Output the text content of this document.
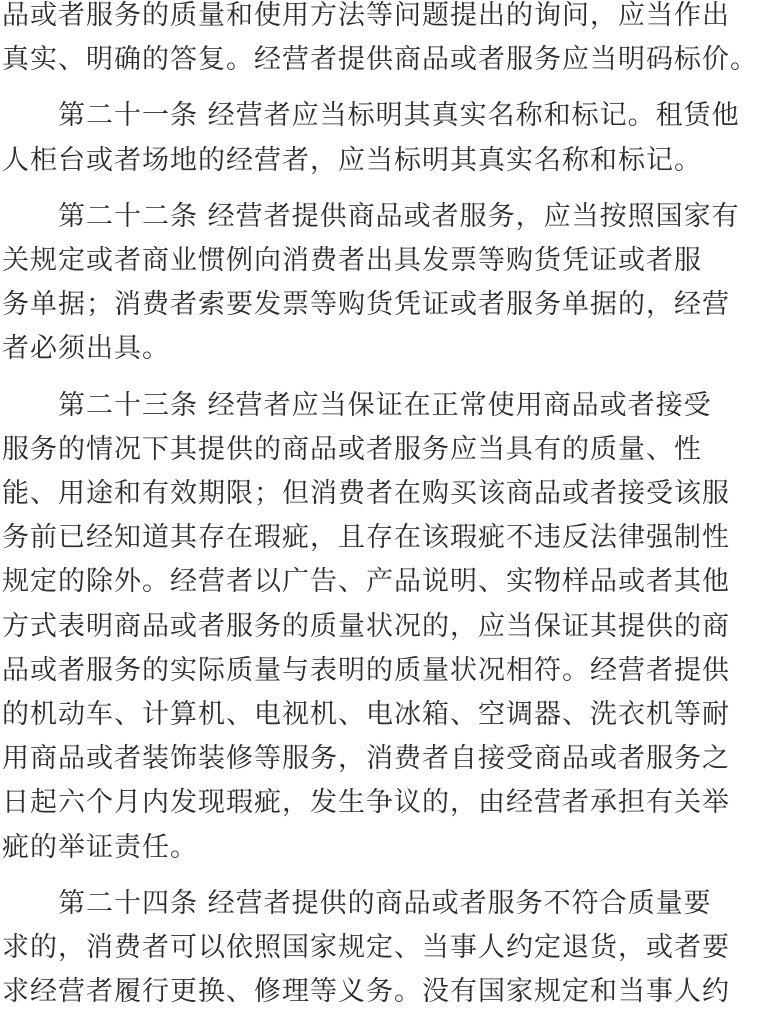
品或者服务的质量和使用方法等问题提出的询问，应当作出
真实、明确的答复。经营者提供商品或者服务应当明码标价。
第二十一条 经营者应当标明其真实名称和标记。租赁他
人柜台或者场地的经营者，应当标明其真实名称和标记。
第二十二条 经营者提供商品或者服务，应当按照国家有
关规定或者商业惯例向消费者出具发票等购货凭证或者服
务单据；消费者索要发票等购货凭证或者服务单据的，经营
者必须出具。
第二十三条 经营者应当保证在正常使用商品或者接受
服务的情况下其提供的商品或者服务应当具有的质量、性
能、用途和有效期限；但消费者在购买该商品或者接受该服
务前已经知道其存在瑕疵，且存在该瑕疵不违反法律强制性
规定的除外。经营者以广告、产品说明、实物样品或者其他
方式表明商品或者服务的质量状况的，应当保证其提供的商
品或者服务的实际质量与表明的质量状况相符。经营者提供
的机动车、计算机、电视机、电冰箱、空调器、洗衣机等耐
用商品或者装饰装修等服务，消费者自接受商品或者服务之
日起六个月内发现瑕疵，发生争议的，由经营者承担有关举
疵的举证责任。
第二十四条 经营者提供的商品或者服务不符合质量要
求的，消费者可以依照国家规定、当事人约定退货，或者要
求经营者履行更换、修理等义务。没有国家规定和当事人约
